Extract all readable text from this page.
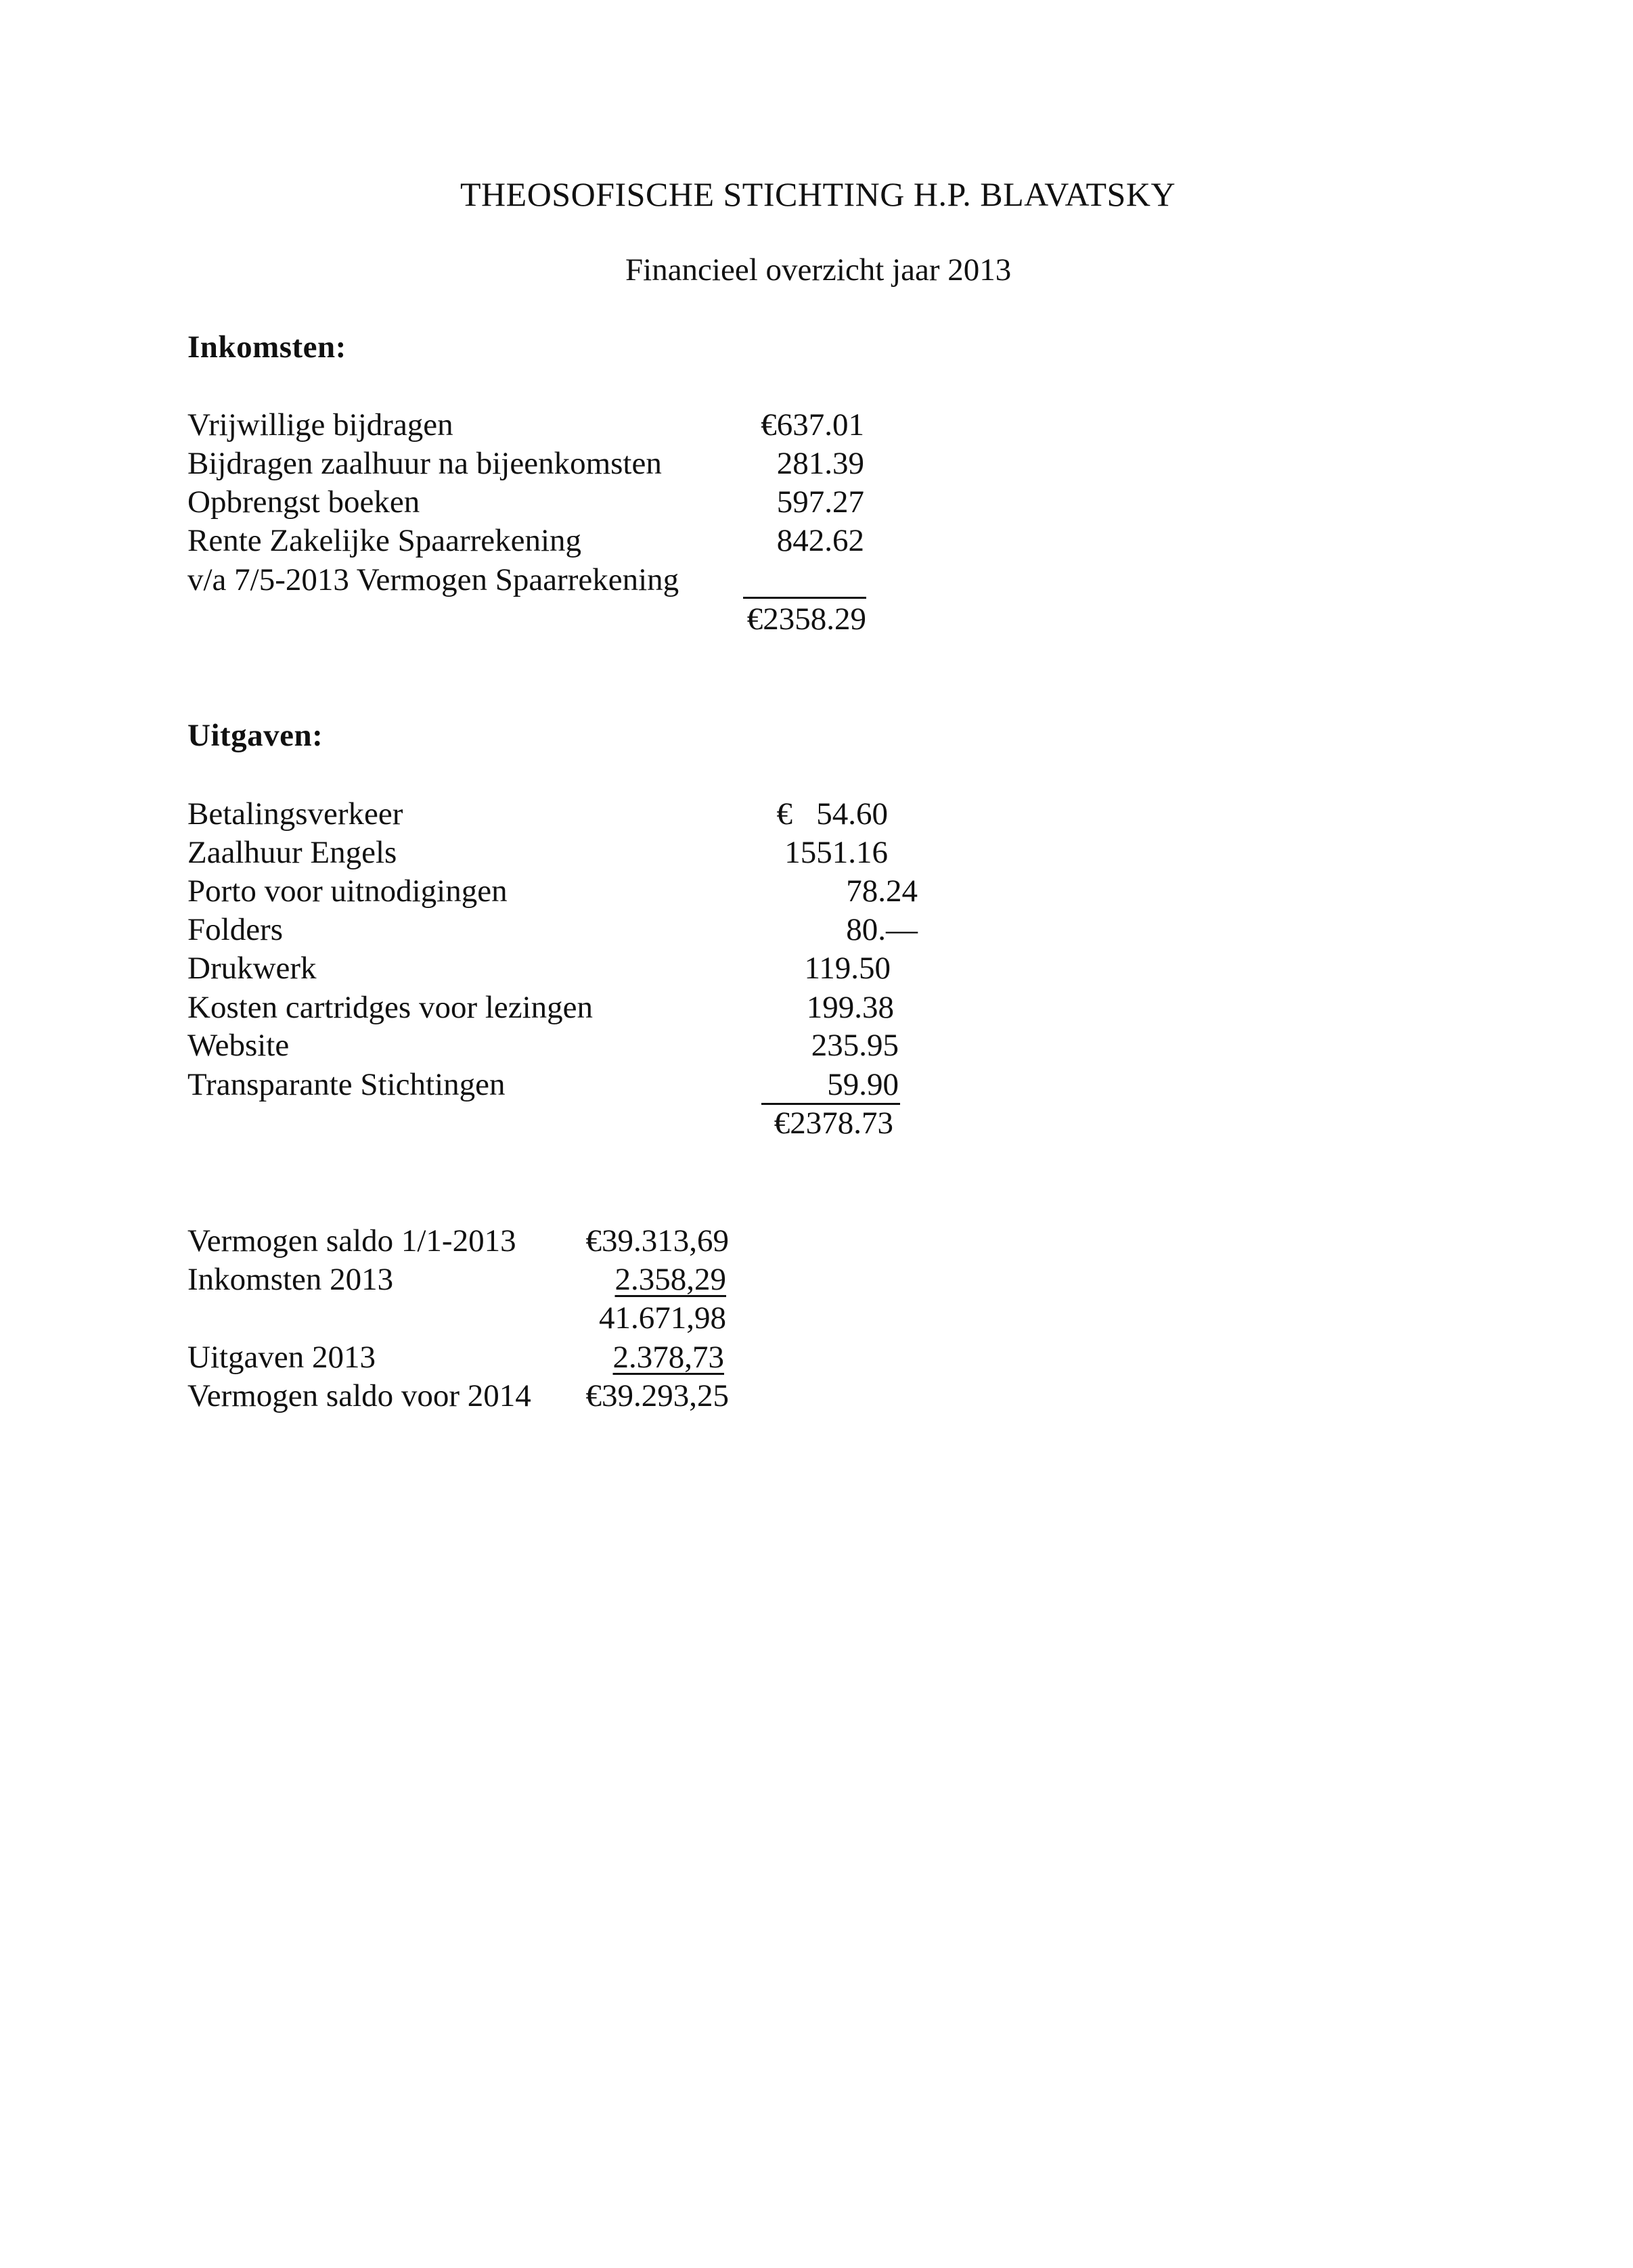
THEOSOFISCHE STICHTING H.P. BLAVATSKY
Financieel overzicht jaar 2013
Inkomsten:
Vrijwillige bijdragen	€637.01
Bijdragen zaalhuur na bijeenkomsten	281.39
Opbrengst boeken	597.27
Rente Zakelijke Spaarrekening	842.62
v/a 7/5-2013 Vermogen Spaarrekening
€2358.29
Uitgaven:
Betalingsverkeer	€   54.60
Zaalhuur Engels	1551.16
Porto voor uitnodigingen	78.24
Folders	80.—
Drukwerk	119.50
Kosten cartridges voor lezingen	199.38
Website	235.95
Transparante Stichtingen	59.90
€2378.73
Vermogen saldo 1/1-2013 €39.313,69
Inkomsten 2013	2.358,29
41.671,98
Uitgaven 2013	2.378,73
Vermogen saldo voor 2014 €39.293,25
